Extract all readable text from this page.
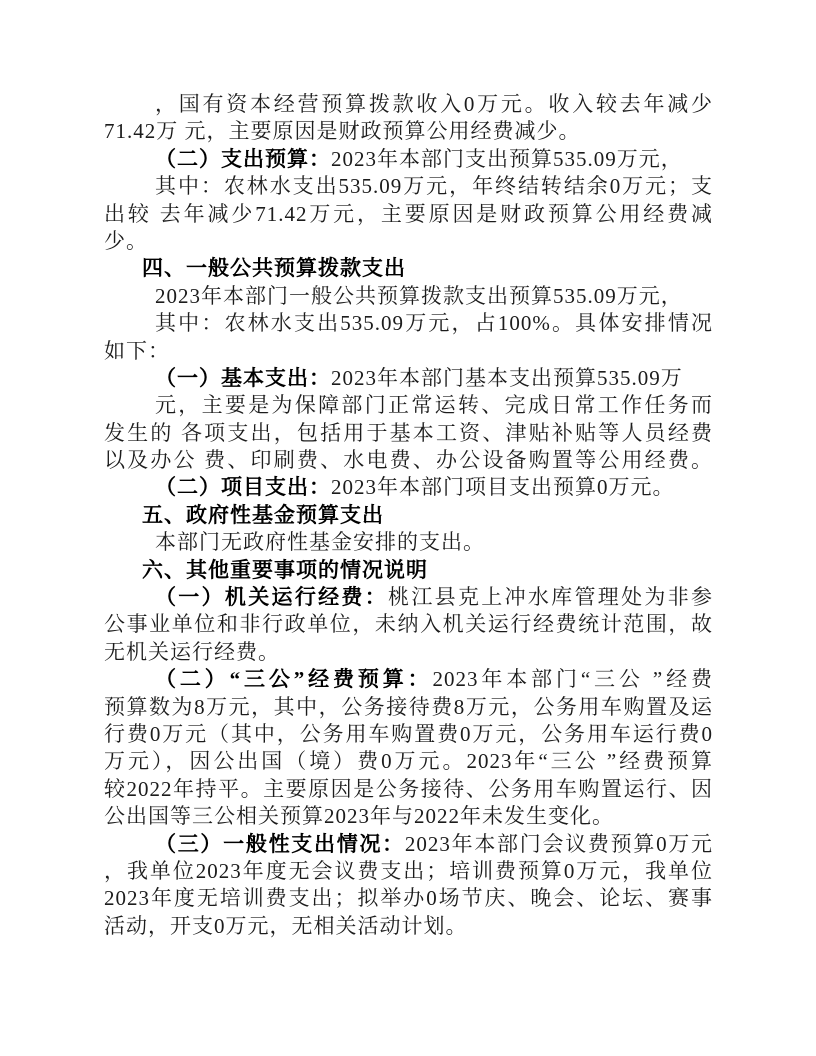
，国有资本经营预算拨款收入0万元。收入较去年减少
71.42万 元，主要原因是财政预算公用经费减少。
（二）支出预算：2023年本部门支出预算535.09万元，
其中：农林水支出535.09万元，年终结转结余0万元；支
出较 去年减少71.42万元，主要原因是财政预算公用经费减
少。
四、一般公共预算拨款支出
2023年本部门一般公共预算拨款支出预算535.09万元，
其中：农林水支出535.09万元，占100%。具体安排情况
如下：
（一）基本支出：2023年本部门基本支出预算535.09万
元，主要是为保障部门正常运转、完成日常工作任务而
发生的 各项支出，包括用于基本工资、津贴补贴等人员经费
以及办公 费、印刷费、水电费、办公设备购置等公用经费。
（二）项目支出：2023年本部门项目支出预算0万元。
五、政府性基金预算支出
本部门无政府性基金安排的支出。
六、其他重要事项的情况说明
（一）机关运行经费：桃江县克上冲水库管理处为非参
公事业单位和非行政单位，未纳入机关运行经费统计范围，故
无机关运行经费。
（二）“三公”经费预算：2023年本部门“三公 ”经费
预算数为8万元，其中，公务接待费8万元，公务用车购置及运
行费0万元（其中，公务用车购置费0万元，公务用车运行费0
万元），因公出国（境）费0万元。2023年“三公 ”经费预算
较2022年持平。主要原因是公务接待、公务用车购置运行、因
公出国等三公相关预算2023年与2022年未发生变化。
（三）一般性支出情况：2023年本部门会议费预算0万元
，我单位2023年度无会议费支出；培训费预算0万元，我单位
2023年度无培训费支出；拟举办0场节庆、晚会、论坛、赛事
活动，开支0万元，无相关活动计划。
